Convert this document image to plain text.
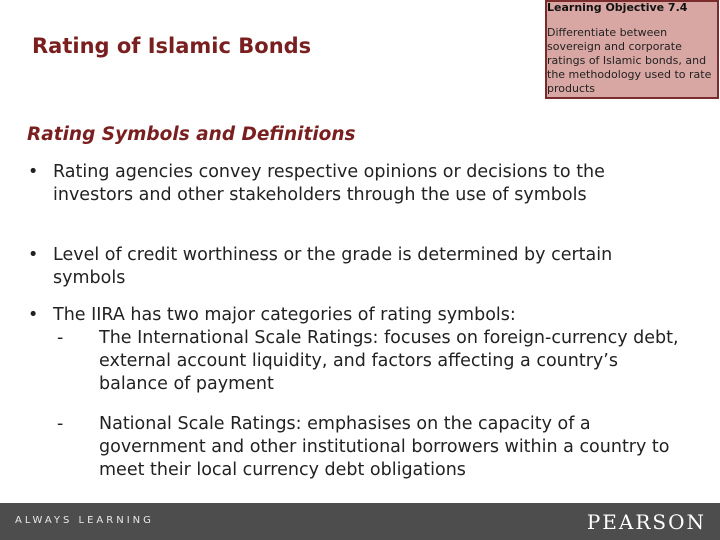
Rating of Islamic Bonds
Learning Objective 7.4
Differentiate between sovereign and corporate ratings of Islamic bonds, and the methodology used to rate products
Rating Symbols and Definitions
• Rating agencies convey respective opinions or decisions to the investors and other stakeholders through the use of symbols
• Level of credit worthiness or the grade is determined by certain symbols
• The IIRA has two major categories of rating symbols:
- The International Scale Ratings: focuses on foreign-currency debt, external account liquidity, and factors affecting a country’s balance of payment
- National Scale Ratings: emphasises on the capacity of a government and other institutional borrowers within a country to meet their local currency debt obligations
ALWAYS LEARNING	PEARSON
